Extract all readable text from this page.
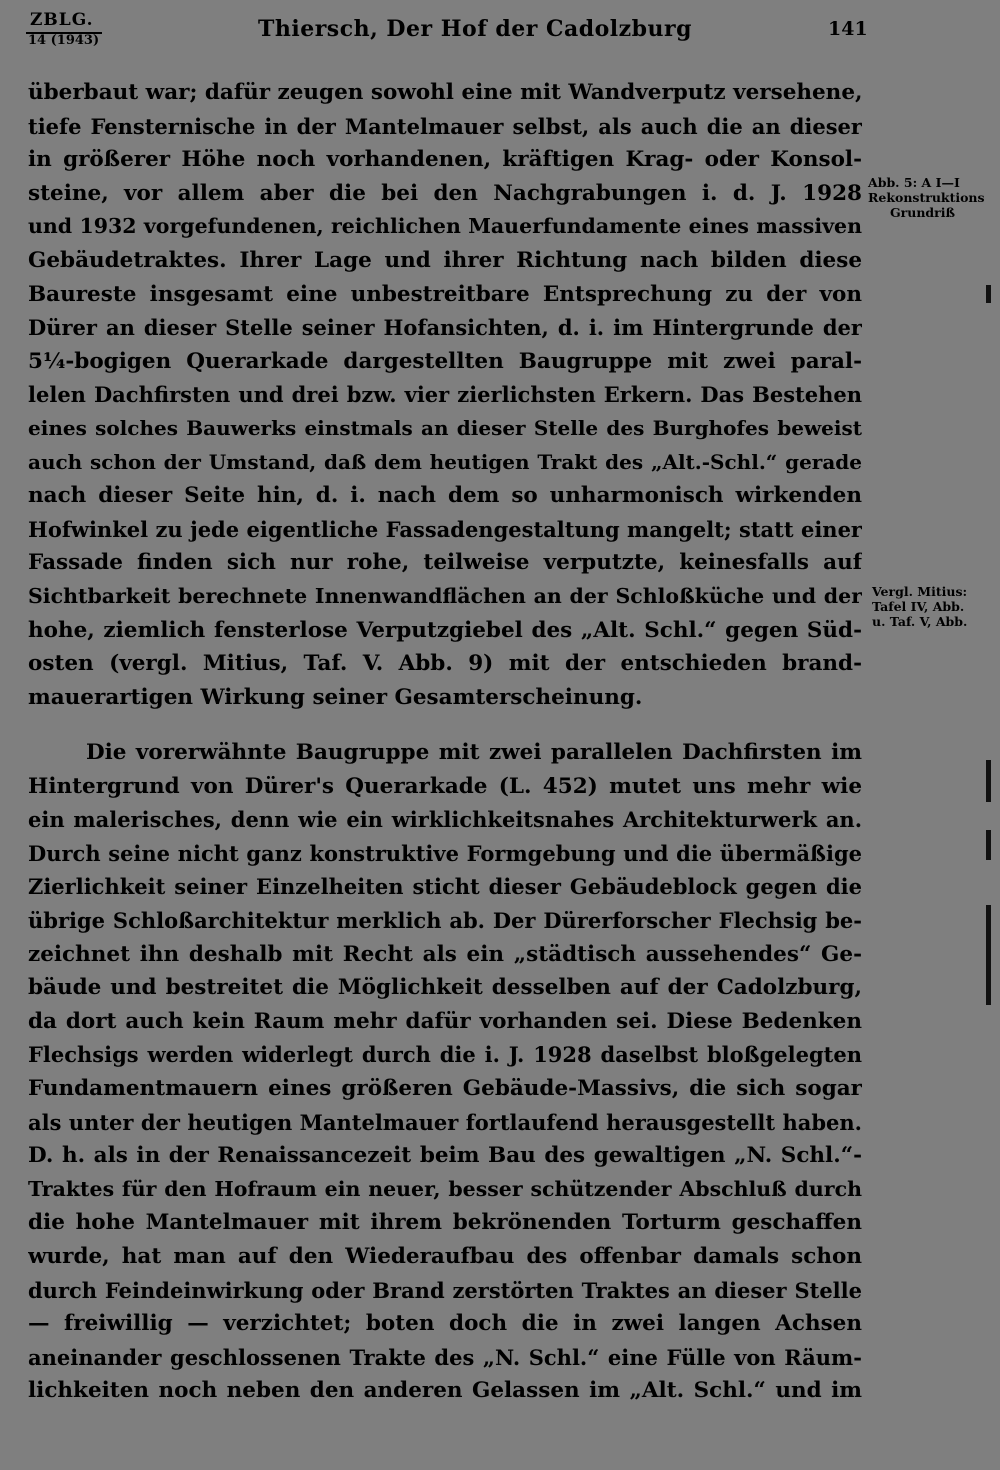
ZBLG.
14 (1943)	Thiersch, Der Hof der Cadolzburg	141
überbaut war; dafür zeugen sowohl eine mit Wandverputz versehene,
tiefe Fensternische in der Mantelmauer selbst, als auch die an dieser
in größerer Höhe noch vorhandenen, kräftigen Krag- oder Konsol-
steine, vor allem aber die bei den Nachgrabungen i. d. J. 1928
und 1932 vorgefundenen, reichlichen Mauerfundamente eines massiven
Gebäudetraktes. Ihrer Lage und ihrer Richtung nach bilden diese
Baureste insgesamt eine unbestreitbare Entsprechung zu der von
Dürer an dieser Stelle seiner Hofansichten, d. i. im Hintergrunde der
5¼-bogigen Querarkade dargestellten Baugruppe mit zwei paral-
lelen Dachfirsten und drei bzw. vier zierlichsten Erkern. Das Bestehen
eines solches Bauwerks einstmals an dieser Stelle des Burghofes beweist
auch schon der Umstand, daß dem heutigen Trakt des „Alt.-Schl.“ gerade
nach dieser Seite hin, d. i. nach dem so unharmonisch wirkenden
Hofwinkel zu jede eigentliche Fassadengestaltung mangelt; statt einer
Fassade finden sich nur rohe, teilweise verputzte, keinesfalls auf
Sichtbarkeit berechnete Innenwandflächen an der Schloßküche und der
hohe, ziemlich fensterlose Verputzgiebel des „Alt. Schl.“ gegen Süd-
osten (vergl. Mitius, Taf. V. Abb. 9) mit der entschieden brand-
mauerartigen Wirkung seiner Gesamterscheinung.
Die vorerwähnte Baugruppe mit zwei parallelen Dachfirsten im
Hintergrund von Dürer's Querarkade (L. 452) mutet uns mehr wie
ein malerisches, denn wie ein wirklichkeitsnahes Architekturwerk an.
Durch seine nicht ganz konstruktive Formgebung und die übermäßige
Zierlichkeit seiner Einzelheiten sticht dieser Gebäudeblock gegen die
übrige Schloßarchitektur merklich ab. Der Dürerforscher Flechsig be-
zeichnet ihn deshalb mit Recht als ein „städtisch aussehendes“ Ge-
bäude und bestreitet die Möglichkeit desselben auf der Cadolzburg,
da dort auch kein Raum mehr dafür vorhanden sei. Diese Bedenken
Flechsigs werden widerlegt durch die i. J. 1928 daselbst bloßgelegten
Fundamentmauern eines größeren Gebäude-Massivs, die sich sogar
als unter der heutigen Mantelmauer fortlaufend herausgestellt haben.
D. h. als in der Renaissancezeit beim Bau des gewaltigen „N. Schl.“-
Traktes für den Hofraum ein neuer, besser schützender Abschluß durch
die hohe Mantelmauer mit ihrem bekrönenden Torturm geschaffen
wurde, hat man auf den Wiederaufbau des offenbar damals schon
durch Feindeinwirkung oder Brand zerstörten Traktes an dieser Stelle
— freiwillig — verzichtet; boten doch die in zwei langen Achsen
aneinander geschlossenen Trakte des „N. Schl.“ eine Fülle von Räum-
lichkeiten noch neben den anderen Gelassen im „Alt. Schl.“ und im
Abb. 5: A I—I
Rekonstruktions
Grundriß
Vergl. Mitius:
Tafel IV, Abb.
u. Taf. V, Abb.
